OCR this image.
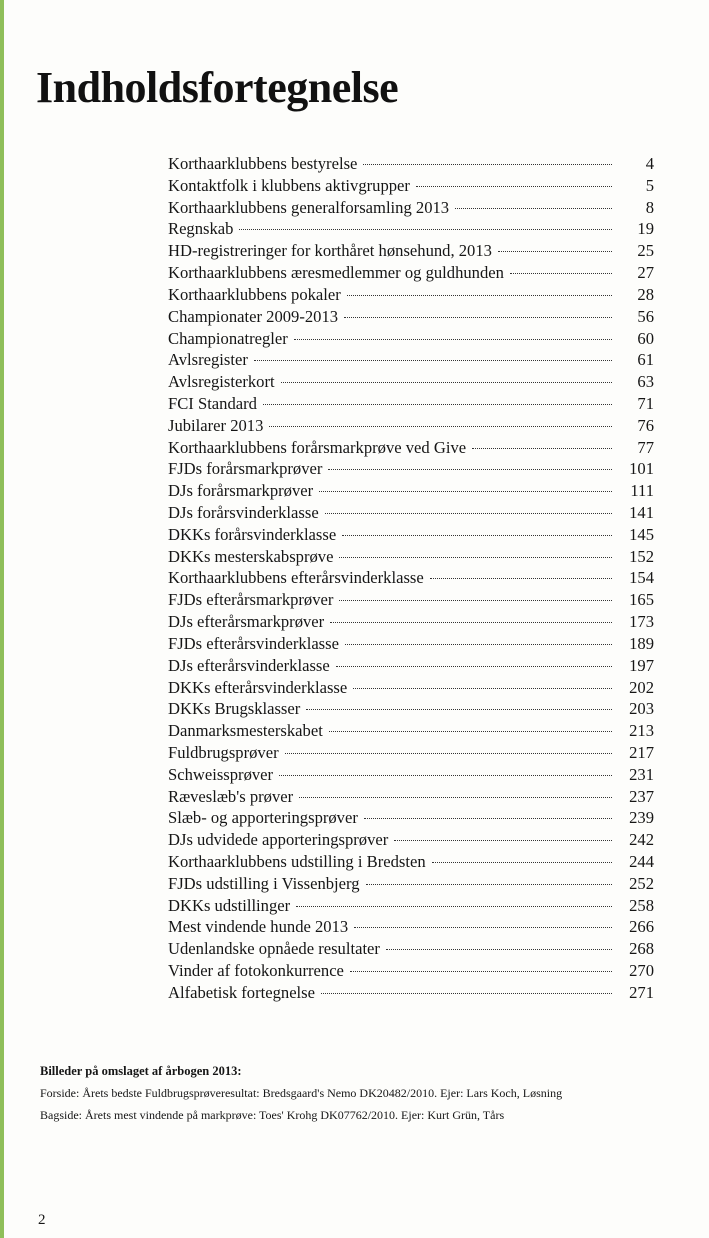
Indholdsfortegnelse
Korthaarklubbens bestyrelse	4
Kontaktfolk i klubbens aktivgrupper	5
Korthaarklubbens generalforsamling 2013	8
Regnskab	19
HD-registreringer for korthåret hønsehund, 2013	25
Korthaarklubbens æresmedlemmer og guldhunden	27
Korthaarklubbens pokaler	28
Championater 2009-2013	56
Championatregler	60
Avlsregister	61
Avlsregisterkort	63
FCI Standard	71
Jubilarer 2013	76
Korthaarklubbens forårsmarkprøve ved Give	77
FJDs forårsmarkprøver	101
DJs forårsmarkprøver	111
DJs forårsvinderklasse	141
DKKs forårsvinderklasse	145
DKKs mesterskabsprøve	152
Korthaarklubbens efterårsvinderklasse	154
FJDs efterårsmarkprøver	165
DJs efterårsmarkprøver	173
FJDs efterårsvinderklasse	189
DJs efterårsvinderklasse	197
DKKs efterårsvinderklasse	202
DKKs Brugsklasser	203
Danmarksmesterskabet	213
Fuldbrugsprøver	217
Schweissprøver	231
Ræveslæb's prøver	237
Slæb- og apporteringsprøver	239
DJs udvidede apporteringsprøver	242
Korthaarklubbens udstilling i Bredsten	244
FJDs udstilling i Vissenbjerg	252
DKKs udstillinger	258
Mest vindende hunde 2013	266
Udenlandske opnåede resultater	268
Vinder af fotokonkurrence	270
Alfabetisk fortegnelse	271

Billeder på omslaget af årbogen 2013:

Forside: Årets bedste Fuldbrugsprøveresultat: Bredsgaard's Nemo DK20482/2010. Ejer: Lars Koch, Løsning

Bagside: Årets mest vindende på markprøve: Toes' Krohg DK07762/2010. Ejer: Kurt Grün, Tårs

2
